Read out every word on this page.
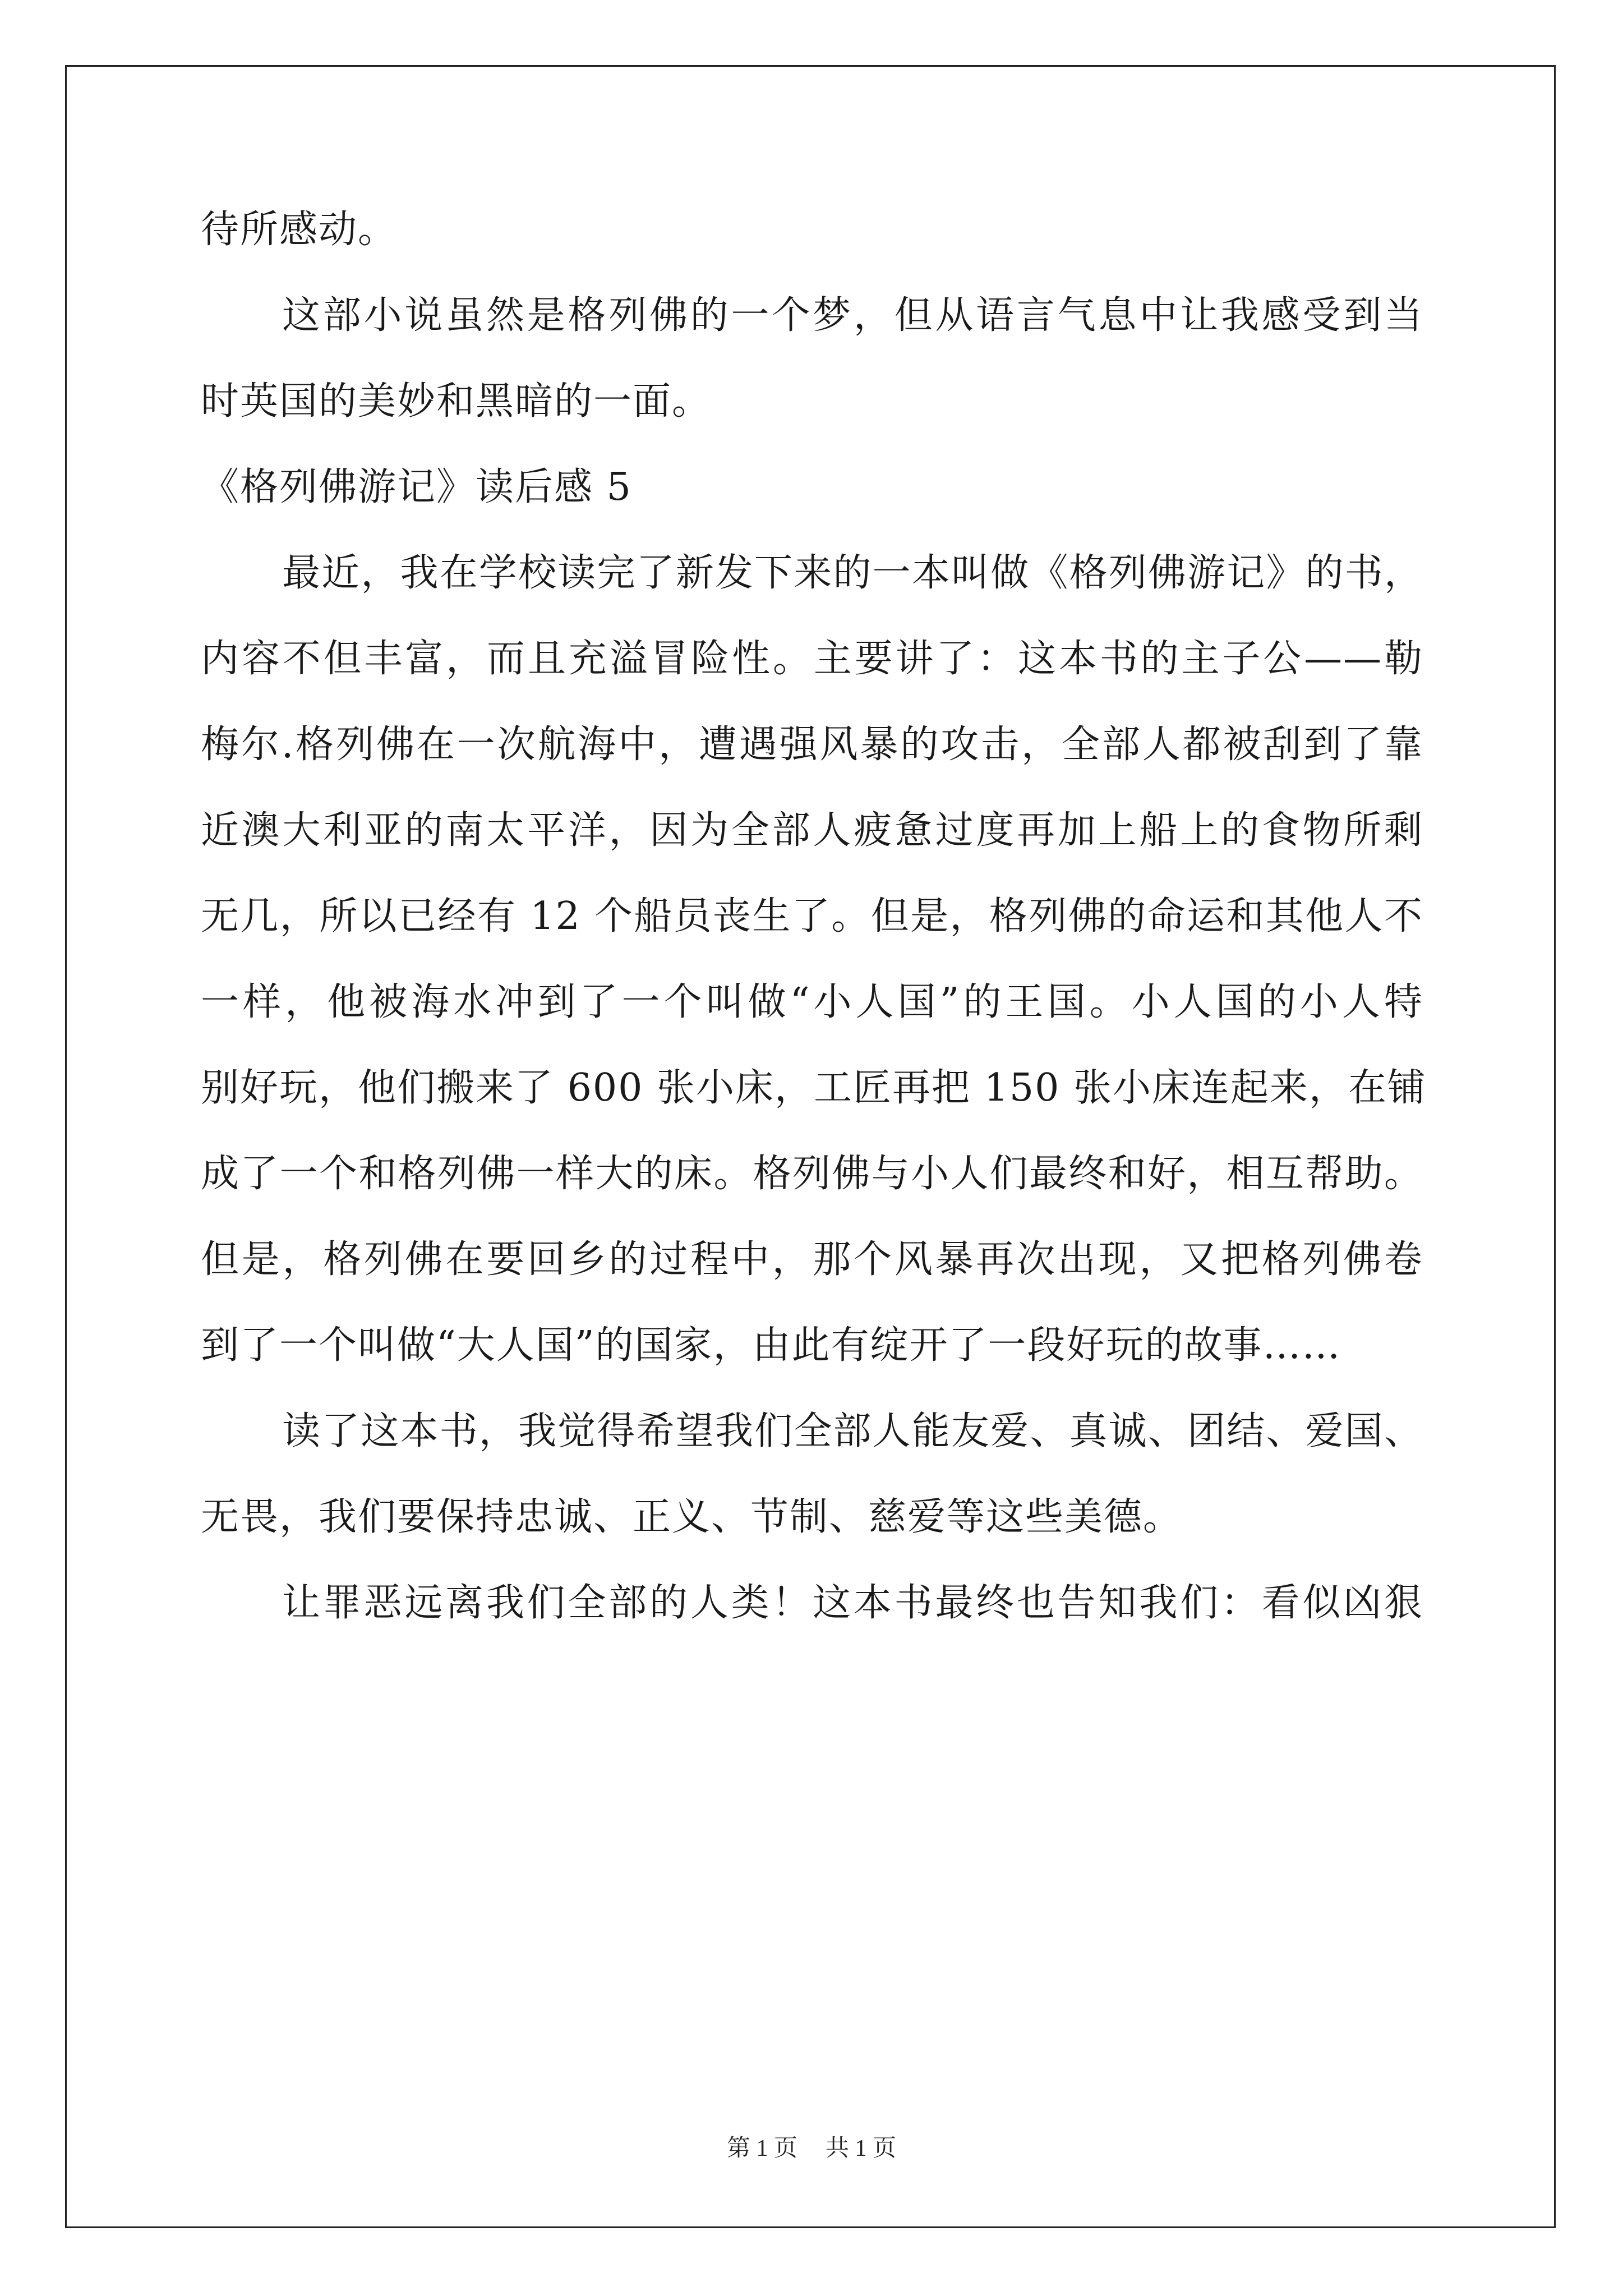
待所感动。
这部小说虽然是格列佛的一个梦，但从语言气息中让我感受到当
时英国的美妙和黑暗的一面。
《格列佛游记》读后感 5
最近，我在学校读完了新发下来的一本叫做《格列佛游记》的书，
内容不但丰富，而且充溢冒险性。主要讲了：这本书的主子公——勒
梅尔.格列佛在一次航海中，遭遇强风暴的攻击，全部人都被刮到了靠
近澳大利亚的南太平洋，因为全部人疲惫过度再加上船上的食物所剩
无几，所以已经有 12 个船员丧生了。但是，格列佛的命运和其他人不
一样，他被海水冲到了一个叫做“小人国”的王国。小人国的小人特
别好玩，他们搬来了 600 张小床，工匠再把 150 张小床连起来，在铺
成了一个和格列佛一样大的床。格列佛与小人们最终和好，相互帮助。
但是，格列佛在要回乡的过程中，那个风暴再次出现，又把格列佛卷
到了一个叫做“大人国”的国家，由此有绽开了一段好玩的故事……
读了这本书，我觉得希望我们全部人能友爱、真诚、团结、爱国、
无畏，我们要保持忠诚、正义、节制、慈爱等这些美德。
让罪恶远离我们全部的人类！这本书最终也告知我们：看似凶狠
第 1 页 共 1 页
